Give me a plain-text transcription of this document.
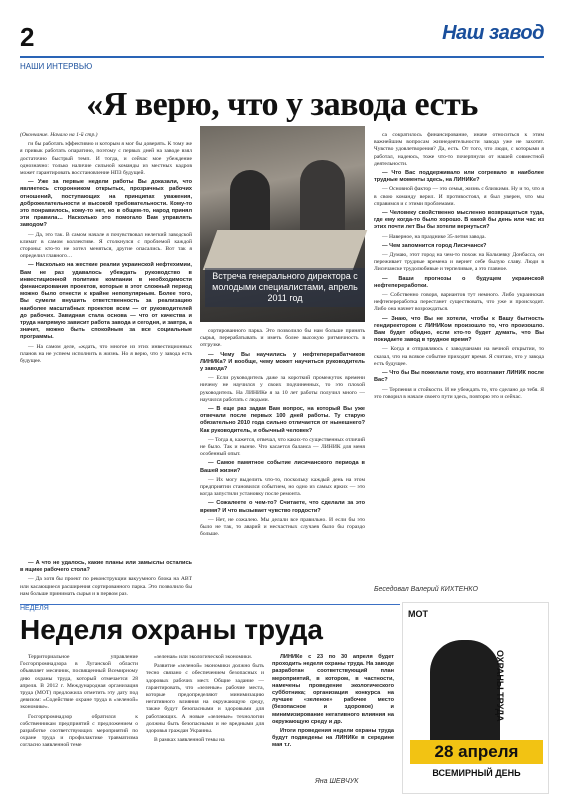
2	Наш завод
НАШИ ИНТЕРВЬЮ
«Я верю, что у завода есть

(Окончание. Начало на 1-й стр.)

ги бы работать эффективно и которым я мог бы доверять. К тому же я привык работать опаратино, поэтому с первых дней на заводе взял достаточно быстрый темп. И тогда, и сейчас мое убеждение однозначно: только наличие сильной команды из местных кадров может гарантировать восстановление НПЗ будущей.

— Уже за первые недели работы Вы доказали, что являетесь сторонником открытых, прозрачных рабочих отношений, поступающих на принципах уважения, доброжелательности и высокой требовательности. Кому-то это понравилось, кому-то нет, но в общем-то, народ принял эти правила… Насколько это помогало Вам управлять заводом?

— Да, это так. В самом начале я почувствовал нелегкий заводской климат в самом коллективе. Я столкнулся с проблемой каждой стороны: кто-то не хотел меняться, другие опасались. Вот так я определил главного…

— Насколько на жесткие реалии украинской нефтехимии, Вам не раз удавалось убеждать руководство в инвестиционной политике компании в необходимости финансирования проектов, которые в этот сложный период можно было отнести к крайне непопулярным. Более того, Вы сумели внушить ответственность за реализацию наиболее масштабных проектов всем — от руководителей до рабочих. Завидная стала основа — что от качества и труда напрямую зависит работа завода и сегодня, и завтра, а значит, можно быть спокойным за все социальные программы.

— На самом деле, «ждать, что многое из этих инвестиционных планов на не успеем исполнить в жизнь. Но я верю, что у завода есть будущее.

Встреча генерального директора с молодыми специалистами, апрель 2011 год

сортированного парка. Это позволило бы нам больше принять сырья, перерабатывать и иметь более высокую ритмичность в отгрузке.

— Чему Вы научились у нефтеперерабатчиков ЛИНИКа? И вообще, чему может научиться руководитель у завода?

— Если руководитель даже за короткий промежуток времени ничему не научился у своих подчиненных, то это плохой руководитель. На ЛИНИКе я за 10 лет работы получил много — научился работать с людьми.

— В еще раз задам Вам вопрос, на который Вы уже отвечали после первых 100 дней работы. Ту старую обязательно 2010 года сильно отличается от нынешнего? Как руководитель, и обычный человек?

— Тогда я, кажется, отвечал, что каких-то существенных отличий не было. Так и нынче. Что касается баланса — ЛИНИК для меня особенный опыт.

— Самое памятное событие лисичанского периода в Вашей жизни?

— Их могу выделить что-то, поскольку каждый день на этом предприятии становился событием, но одно из самых ярких — это когда запустили установку после ремонта.

— Сожалеете о чем-то? Считаете, что сделали за это время? И что вызывает чувство гордости?

— Нет, не сожалею. Мы делали все правильно. И если бы это было не так, то аварий и несчастных случаев было бы гораздо больше.

са сократилось финансирование, иначе относиться к этим важнейшим вопросам жизнедеятельности завода уже не захотят. Чувство удовлетворения? Да, есть. От того, что люди, с которыми я работал, надеюсь, тоже что-то почерпнули от нашей совместной деятельности.

— Что Вас поддерживало или согревало в наиболее трудные моменты здесь, на ЛИНИКе?

— Основной фактор — это семья, жизнь с близкими. Ну и то, что я в свою команду верил. И противостоял, я был уверен, что мы справимся и с этими проблемами.

— Человеку свойственно мысленно возвращаться туда, где ему когда-то было хорошо. В какой бы день или час из этих почти лет Вы бы хотели вернуться?

— Наверное, на празднике 35-летия завода.

— Чем запомнится город Лисичанск?

— Думаю, этот город на чем-то похож на Кольчевку Донбасса, он переживает трудные времена и вернет себе былую славу. Люди в Лисичанске трудолюбивые и терпеливые, а это главное.

— Ваши прогнозы о будущем украинской нефтепереработки.

— Собственно говоря, вариантов тут немного. Либо украинская нефтепереработка перестанет существовать, что уже и происходит. Либо она начнет возрождаться.

— Знаю, что Вы не хотели, чтобы к Вашу бытность гендиректором с ЛИНИКом произошло то, что произошло. Вам будет обидно, если кто-то будет думать, что Вы покидаете завод в трудное время?

— Когда я отправляюсь с заводчанами на вечной открытии, то сказал, что на всякое событие приходит время. Я считаю, что у завода есть будущее.

— Что бы Вы пожелали тому, кто возглавит ЛИНИК после Вас?

— Терпения и стойкости. И не убеждать то, что сделано до тебя. Я это говорил в начале своего пути здесь, повторю это и сейчас.

— А что не удалось, какие планы или замыслы остались в ящике рабочего стола?

— Да хотя бы проект по реконструкции вакуумного блока на АВТ или касающиеся расширения сортированного парка. Это позволило бы нам больше принимать сырья и в первом раз.

Беседовал Валерий КИХТЕНКО
НЕДЕЛЯ
Неделя охраны труда

Территориальное управление Госгорпромнадзора в Луганской области объявляет месячник, посвященный Всемирному дню охраны труда, который отмечается 28 апреля. В 2012 г. Международная организация труда (МОТ) предложила отметить эту дату под девизом: «Содействие охране труда в «зеленой» экономике».

Госгорпромнадзор обратился к собственникам предприятий с предложением о разработке соответствующих мероприятий по охране труда и профилактике травматизма согласно заявленной теме

«зеленая» или экологической экономики.

Развитие «зеленой» экономики должно быть тесно связано с обеспечением безопасных и здоровых рабочих мест. Общие задание — гарантировать, что «зеленые» рабочие места, которые предопределяют минимизацию негативного влияния на окружающую среду, также будут безопасными и здоровыми для работающих. А новые «зеленые» технологии должны быть безопасными и не вредными для здоровья граждан Украины.

В рамках заявленной темы на

ЛИНИКе с 23 по 30 апреля будет проходить неделя охраны труда. На заводе разработан соответствующий план мероприятий, в котором, в частности, намечены проведение экологического субботника; организация конкурса на лучшее «зеленое» рабочее место (безопасное и здоровое) и минимизирование негативного влияния на окружающую среду и др.

Итоги проведения недели охраны труда будут подведены на ЛИНИКе в середине мая т.г.

Яна ШЕВЧУК
МОТ
ОХРАНЫ ТРУДА
28 апреля
ВСЕМИРНЫЙ ДЕНЬ
